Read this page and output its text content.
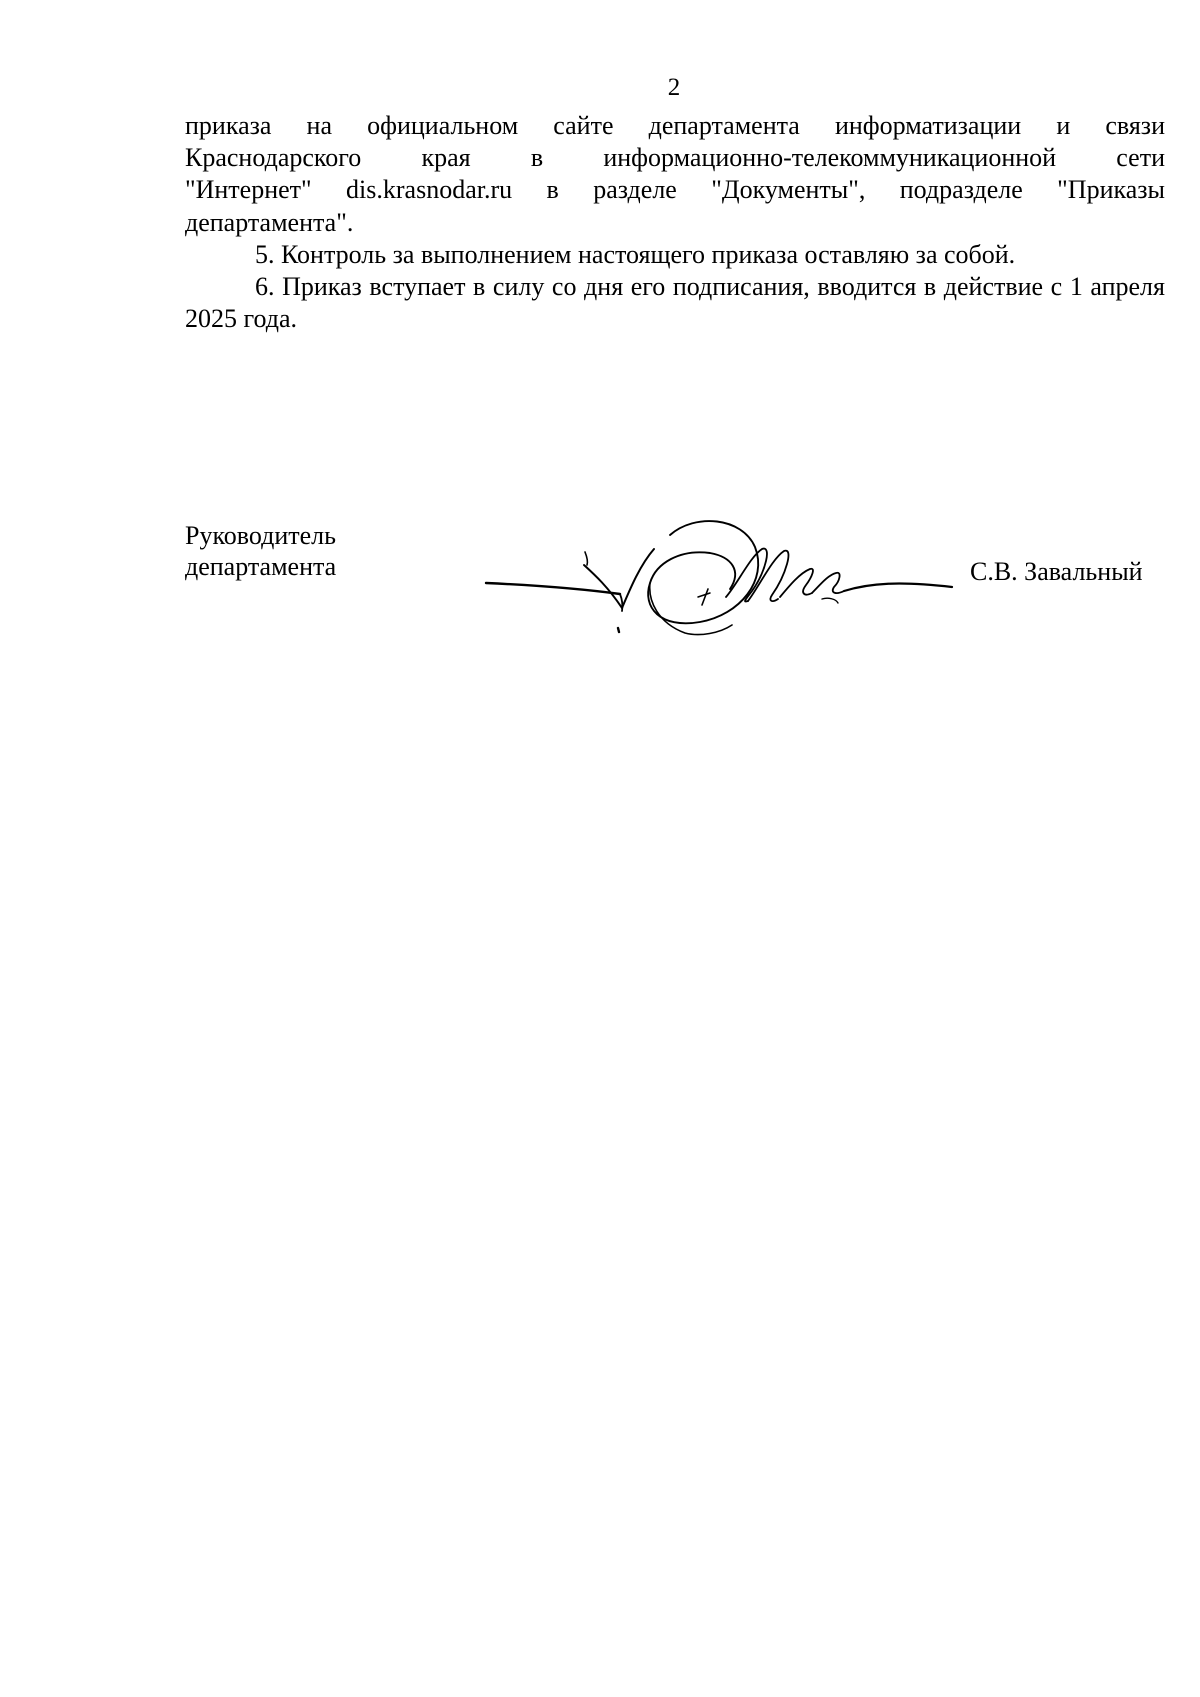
2

приказа на официальном сайте департамента информатизации и связи
Краснодарского края в информационно-телекоммуникационной сети
"Интернет" dis.krasnodar.ru в разделе "Документы", подразделе "Приказы
департамента".

5. Контроль за выполнением настоящего приказа оставляю за собой.

6. Приказ вступает в силу со дня его подписания, вводится в действие с 1 апреля 2025 года.

Руководитель
департамента	С.В. Завальный
